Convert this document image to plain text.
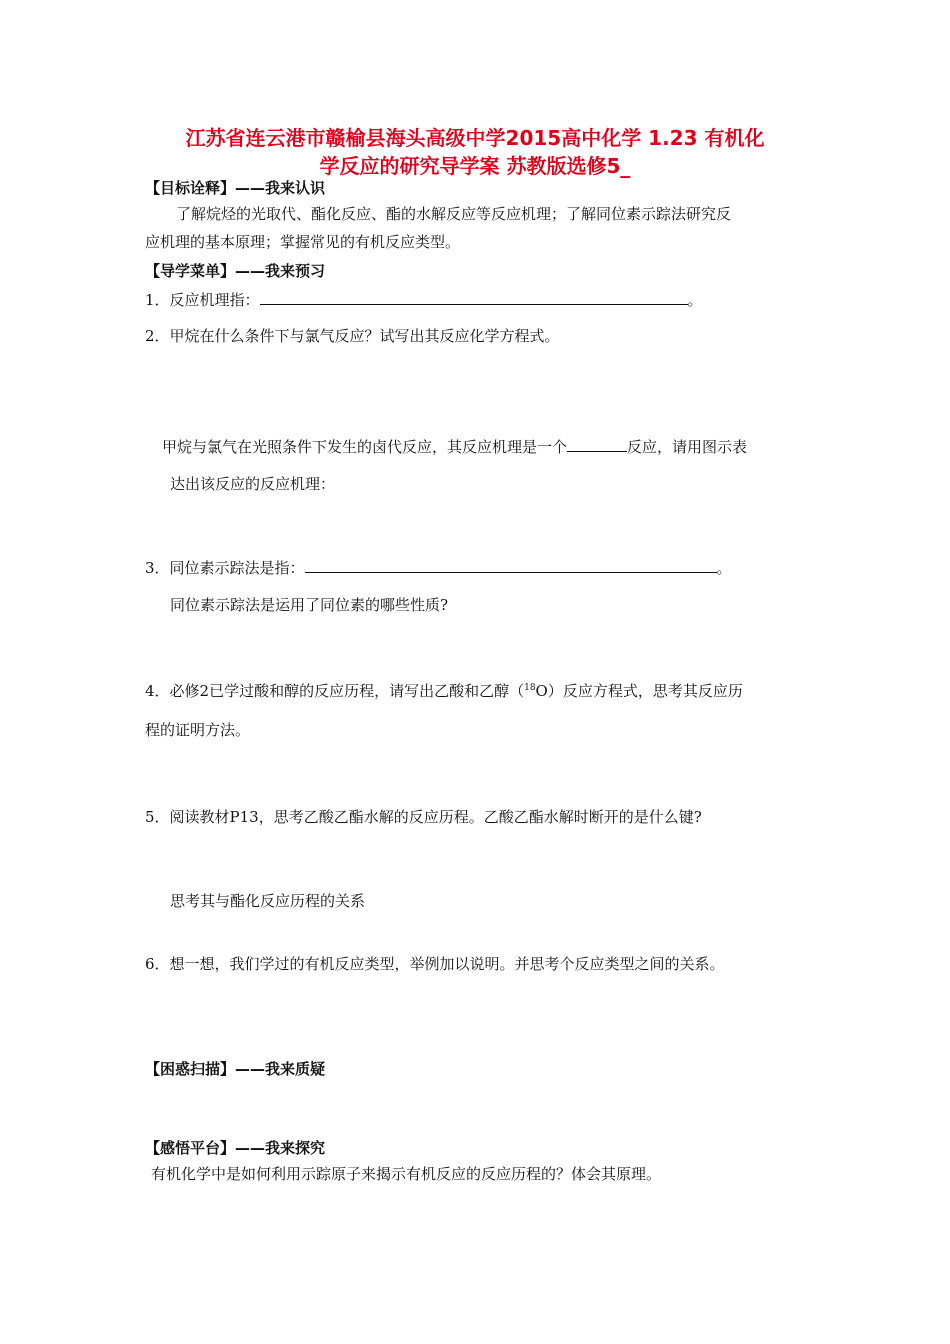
江苏省连云港市赣榆县海头高级中学2015高中化学 1.23 有机化
学反应的研究导学案 苏教版选修5_
【目标诠释】——我来认识
了解烷烃的光取代、酯化反应、酯的水解反应等反应机理；了解同位素示踪法研究反
应机理的基本原理；掌握常见的有机反应类型。
【导学菜单】——我来预习
1．反应机理指：	。
2．甲烷在什么条件下与氯气反应？试写出其反应化学方程式。
甲烷与氯气在光照条件下发生的卤代反应，其反应机理是一个	反应，请用图示表
达出该反应的反应机理：
3．同位素示踪法是指：	。
同位素示踪法是运用了同位素的哪些性质?
4．必修2已学过酸和醇的反应历程，请写出乙酸和乙醇（$^{18}$O）反应方程式，思考其反应历
程的证明方法。
5．阅读教材P13，思考乙酸乙酯水解的反应历程。乙酸乙酯水解时断开的是什么键?
思考其与酯化反应历程的关系
6．想一想，我们学过的有机反应类型，举例加以说明。并思考个反应类型之间的关系。
【困惑扫描】——我来质疑
【感悟平台】——我来探究
有机化学中是如何利用示踪原子来揭示有机反应的反应历程的？体会其原理。
